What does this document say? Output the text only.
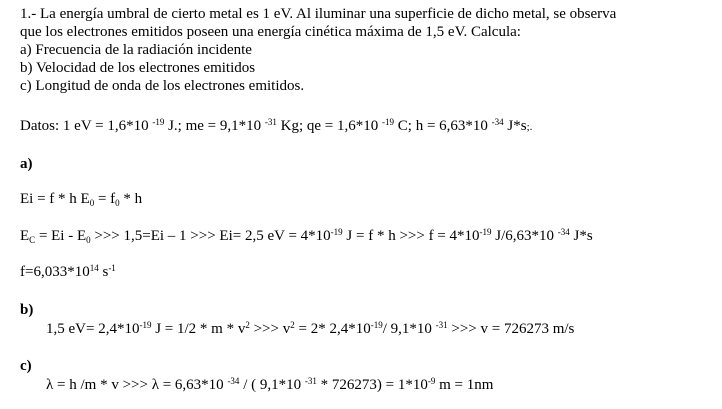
1.- La energía umbral de cierto metal es 1 eV. Al iluminar una superficie de dicho metal, se observa
que los electrones emitidos poseen una energía cinética máxima de 1,5 eV. Calcula:
a) Frecuencia de la radiación incidente
b) Velocidad de los electrones emitidos
c) Longitud de onda de los electrones emitidos.
Datos: 1 eV = 1,6*10 $^{-19}$ J.; me = 9,1*10 $^{-31}$ Kg; qe = 1,6*10 $^{-19}$ C; h = 6,63*10 $^{-34}$ J*s;.
a)
Ei = f * h $E_0 = f_0 * h$
$E_C = Ei - E_0$ >>> 1,5=Ei – 1 >>> Ei= 2,5 eV = $4*10^{-19}$ J = f * h >>> $f = 4*10^{-19}$ J/6,63*10 $^{-34}$ J*s
$f=6,033*10^{14}$ $s^{-1}$
b)
1,5 $eV= 2,4*10^{-19}$ $J = 1/2 * m * v^2$ >>> $v^2 = 2*$ $2,4*10^{-19}/$ 9,1*10 $^{-31}$ >>> v = 726273 m/s
c)
λ = h /m * v >>> λ = 6,63*10 $^{-34}$ / ( 9,1*10 $^{-31} * 726273) = 1*10^{-9}$ m = 1nm
